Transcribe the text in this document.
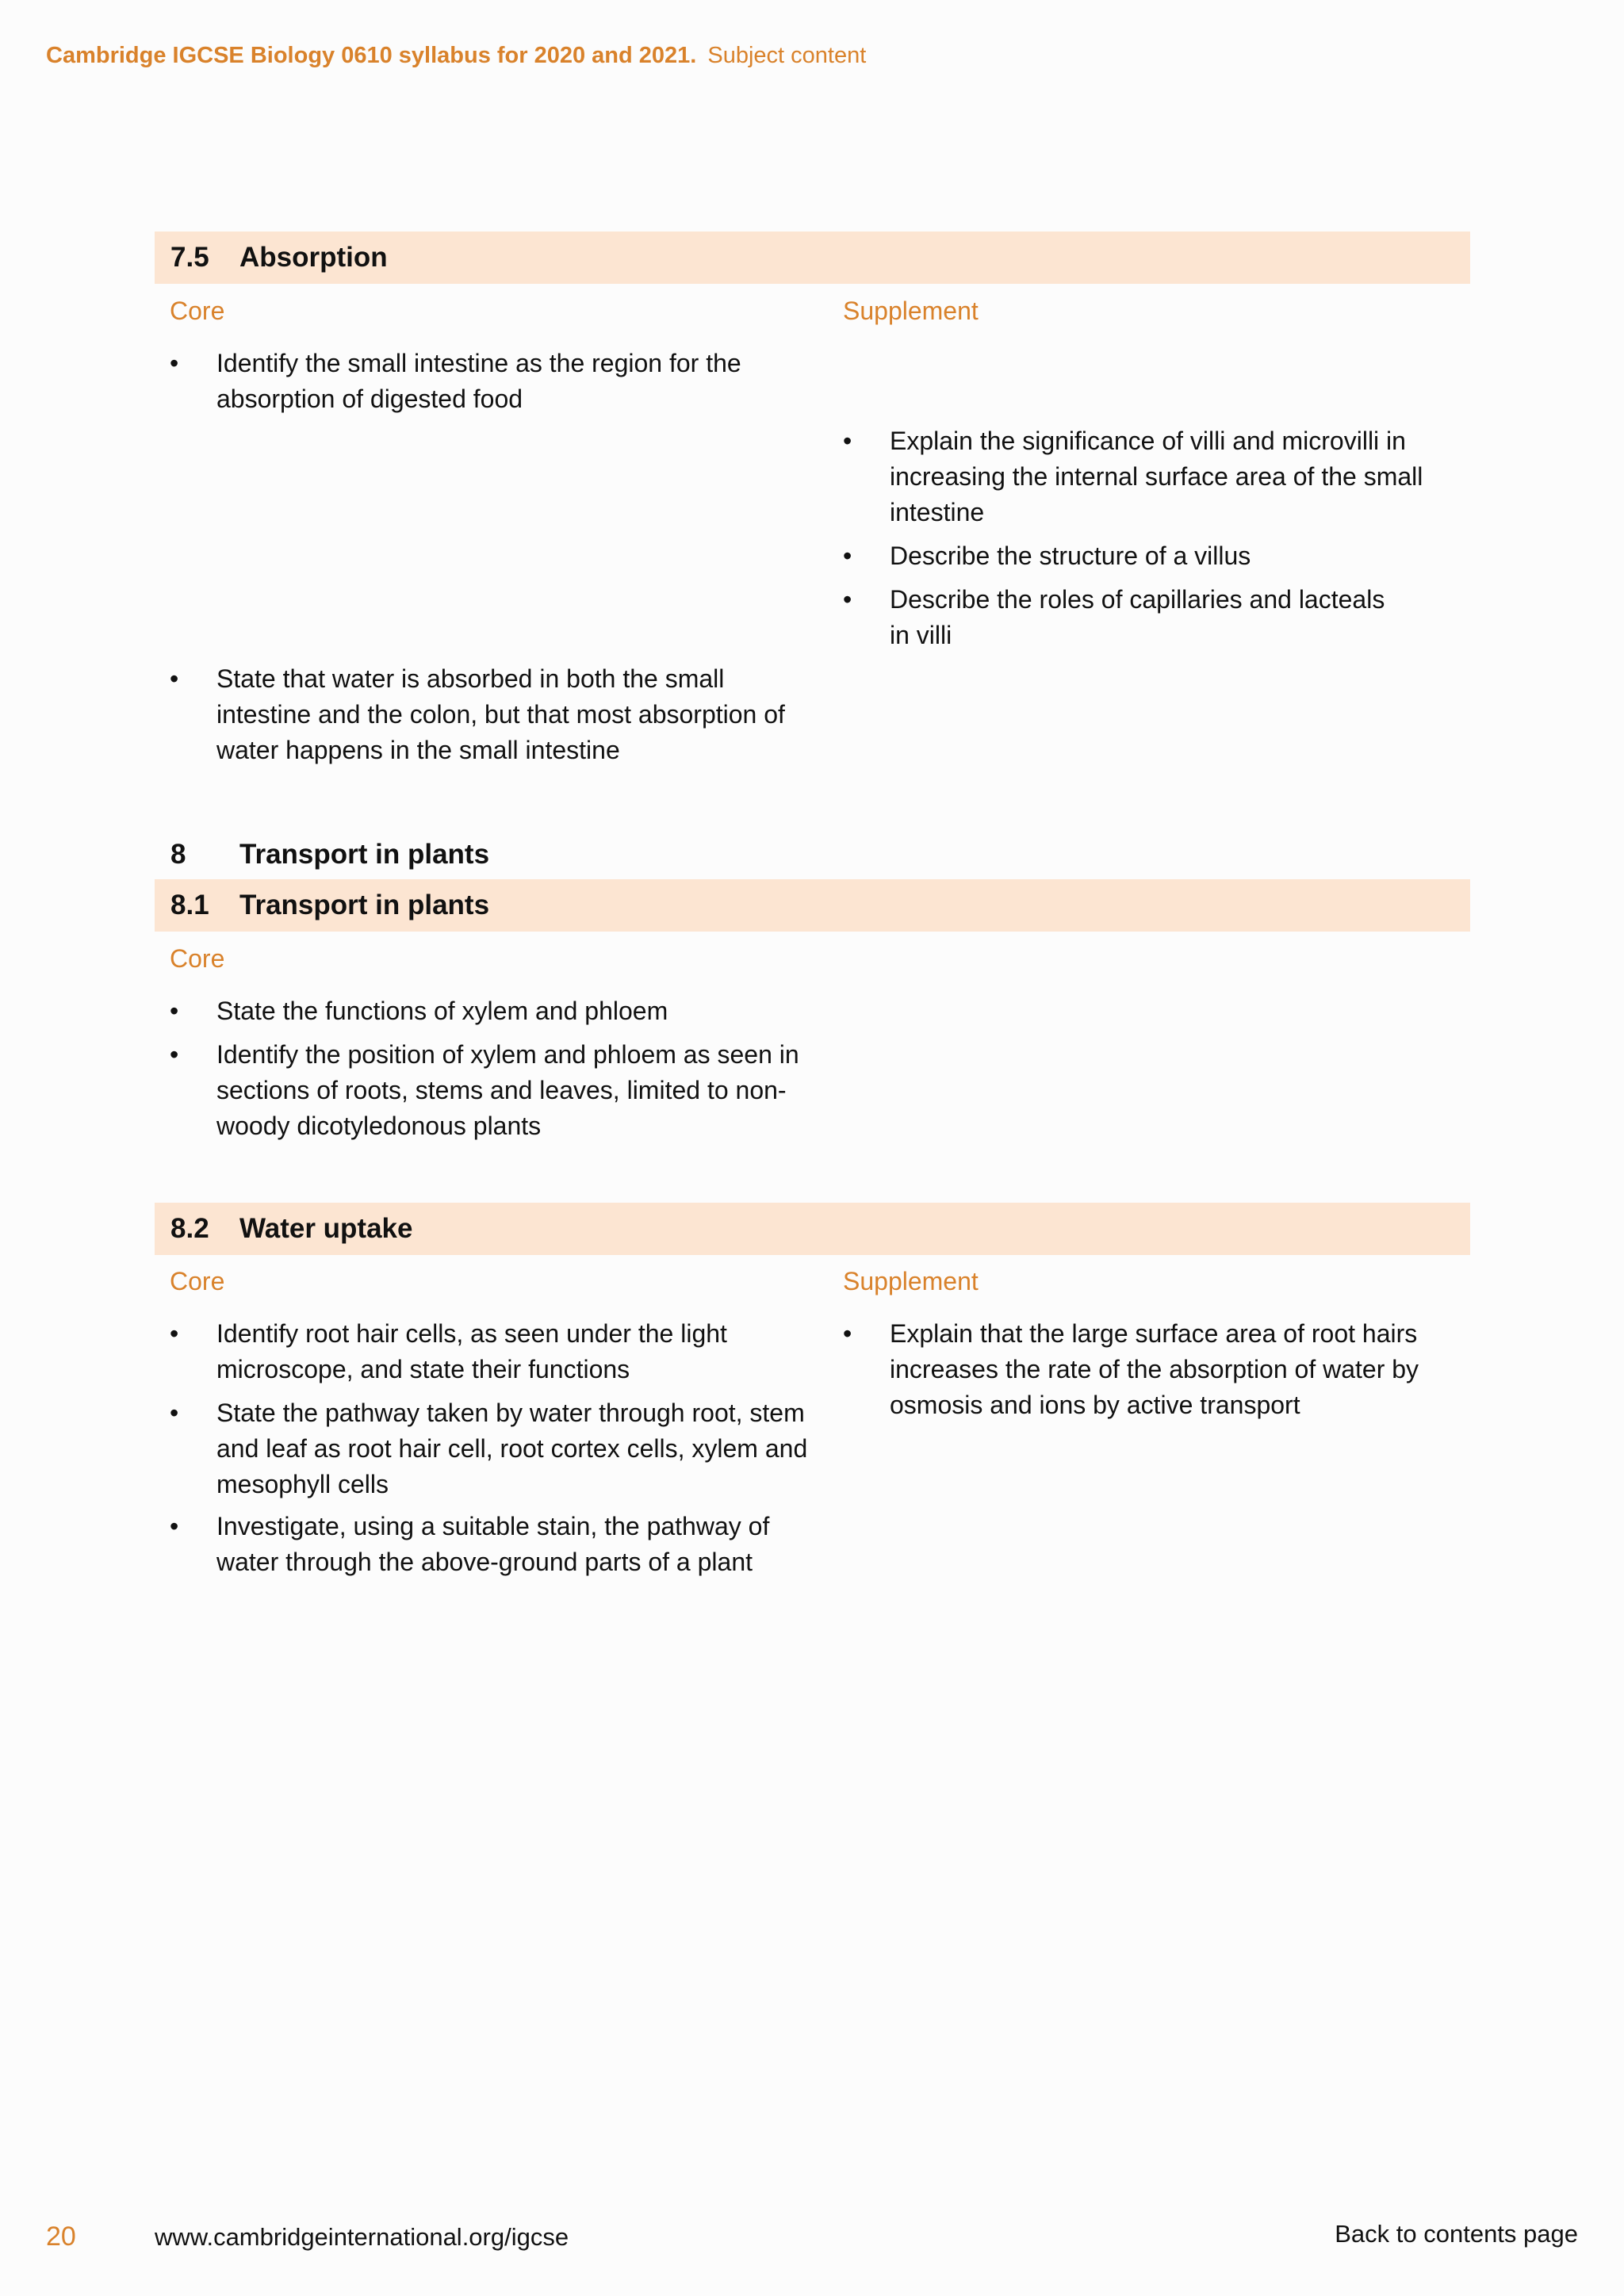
Cambridge IGCSE Biology 0610 syllabus for 2020 and 2021. Subject content
7.5 Absorption
Core	Supplement
•	Identify the small intestine as the region for the absorption of digested food
•	State that water is absorbed in both the small intestine and the colon, but that most absorption of water happens in the small intestine
•	Explain the significance of villi and microvilli in increasing the internal surface area of the small intestine
•	Describe the structure of a villus
•	Describe the roles of capillaries and lacteals in villi
8 Transport in plants
8.1 Transport in plants
Core
•	State the functions of xylem and phloem
•	Identify the position of xylem and phloem as seen in sections of roots, stems and leaves, limited to non-woody dicotyledonous plants
8.2 Water uptake
Core	Supplement
•	Identify root hair cells, as seen under the light microscope, and state their functions
•	State the pathway taken by water through root, stem and leaf as root hair cell, root cortex cells, xylem and mesophyll cells
•	Investigate, using a suitable stain, the pathway of water through the above-ground parts of a plant
•	Explain that the large surface area of root hairs increases the rate of the absorption of water by osmosis and ions by active transport
20	www.cambridgeinternational.org/igcse	Back to contents page
